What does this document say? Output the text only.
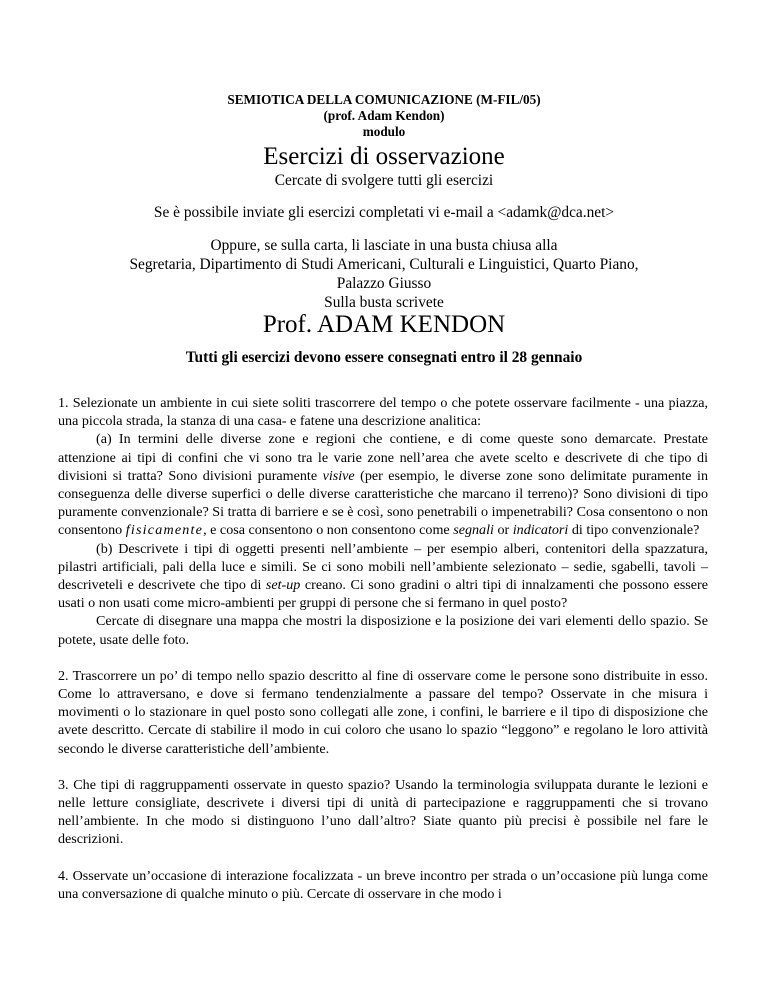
SEMIOTICA DELLA COMUNICAZIONE (M-FIL/05)
(prof. Adam Kendon)
modulo
Esercizi di osservazione
Cercate di svolgere tutti gli esercizi
Se è possibile inviate gli esercizi completati vi e-mail a <adamk@dca.net>
Oppure, se sulla carta, li lasciate in una busta chiusa alla
Segretaria, Dipartimento di Studi Americani, Culturali e Linguistici, Quarto Piano,
Palazzo Giusso
Sulla busta scrivete
Prof. ADAM KENDON
Tutti gli esercizi devono essere consegnati entro il 28 gennaio

1. Selezionate un ambiente in cui siete soliti trascorrere del tempo o che potete osservare facilmente - una piazza, una piccola strada, la stanza di una casa- e fatene una descrizione analitica:

(a) In termini delle diverse zone e regioni che contiene, e di come queste sono demarcate. Prestate attenzione ai tipi di confini che vi sono tra le varie zone nell’area che avete scelto e descrivete di che tipo di divisioni si tratta? Sono divisioni puramente visive (per esempio, le diverse zone sono delimitate puramente in conseguenza delle diverse superfici o delle diverse caratteristiche che marcano il terreno)? Sono divisioni di tipo puramente convenzionale? Si tratta di barriere e se è così, sono penetrabili o impenetrabili? Cosa consentono o non consentono fisicamente, e cosa consentono o non consentono come segnali or indicatori di tipo convenzionale?

(b) Descrivete i tipi di oggetti presenti nell’ambiente – per esempio alberi, contenitori della spazzatura, pilastri artificiali, pali della luce e simili. Se ci sono mobili nell’ambiente selezionato – sedie, sgabelli, tavoli – descriveteli e descrivete che tipo di set-up creano. Ci sono gradini o altri tipi di innalzamenti che possono essere usati o non usati come micro-ambienti per gruppi di persone che si fermano in quel posto?

Cercate di disegnare una mappa che mostri la disposizione e la posizione dei vari elementi dello spazio. Se potete, usate delle foto.

2. Trascorrere un po’ di tempo nello spazio descritto al fine di osservare come le persone sono distribuite in esso. Come lo attraversano, e dove si fermano tendenzialmente a passare del tempo? Osservate in che misura i movimenti o lo stazionare in quel posto sono collegati alle zone, i confini, le barriere e il tipo di disposizione che avete descritto. Cercate di stabilire il modo in cui coloro che usano lo spazio “leggono” e regolano le loro attività secondo le diverse caratteristiche dell’ambiente.

3. Che tipi di raggruppamenti osservate in questo spazio? Usando la terminologia sviluppata durante le lezioni e nelle letture consigliate, descrivete i diversi tipi di unità di partecipazione e raggruppamenti che si trovano nell’ambiente. In che modo si distinguono l’uno dall’altro? Siate quanto più precisi è possibile nel fare le descrizioni.

4. Osservate un’occasione di interazione focalizzata - un breve incontro per strada o un’occasione più lunga come una conversazione di qualche minuto o più. Cercate di osservare in che modo i
